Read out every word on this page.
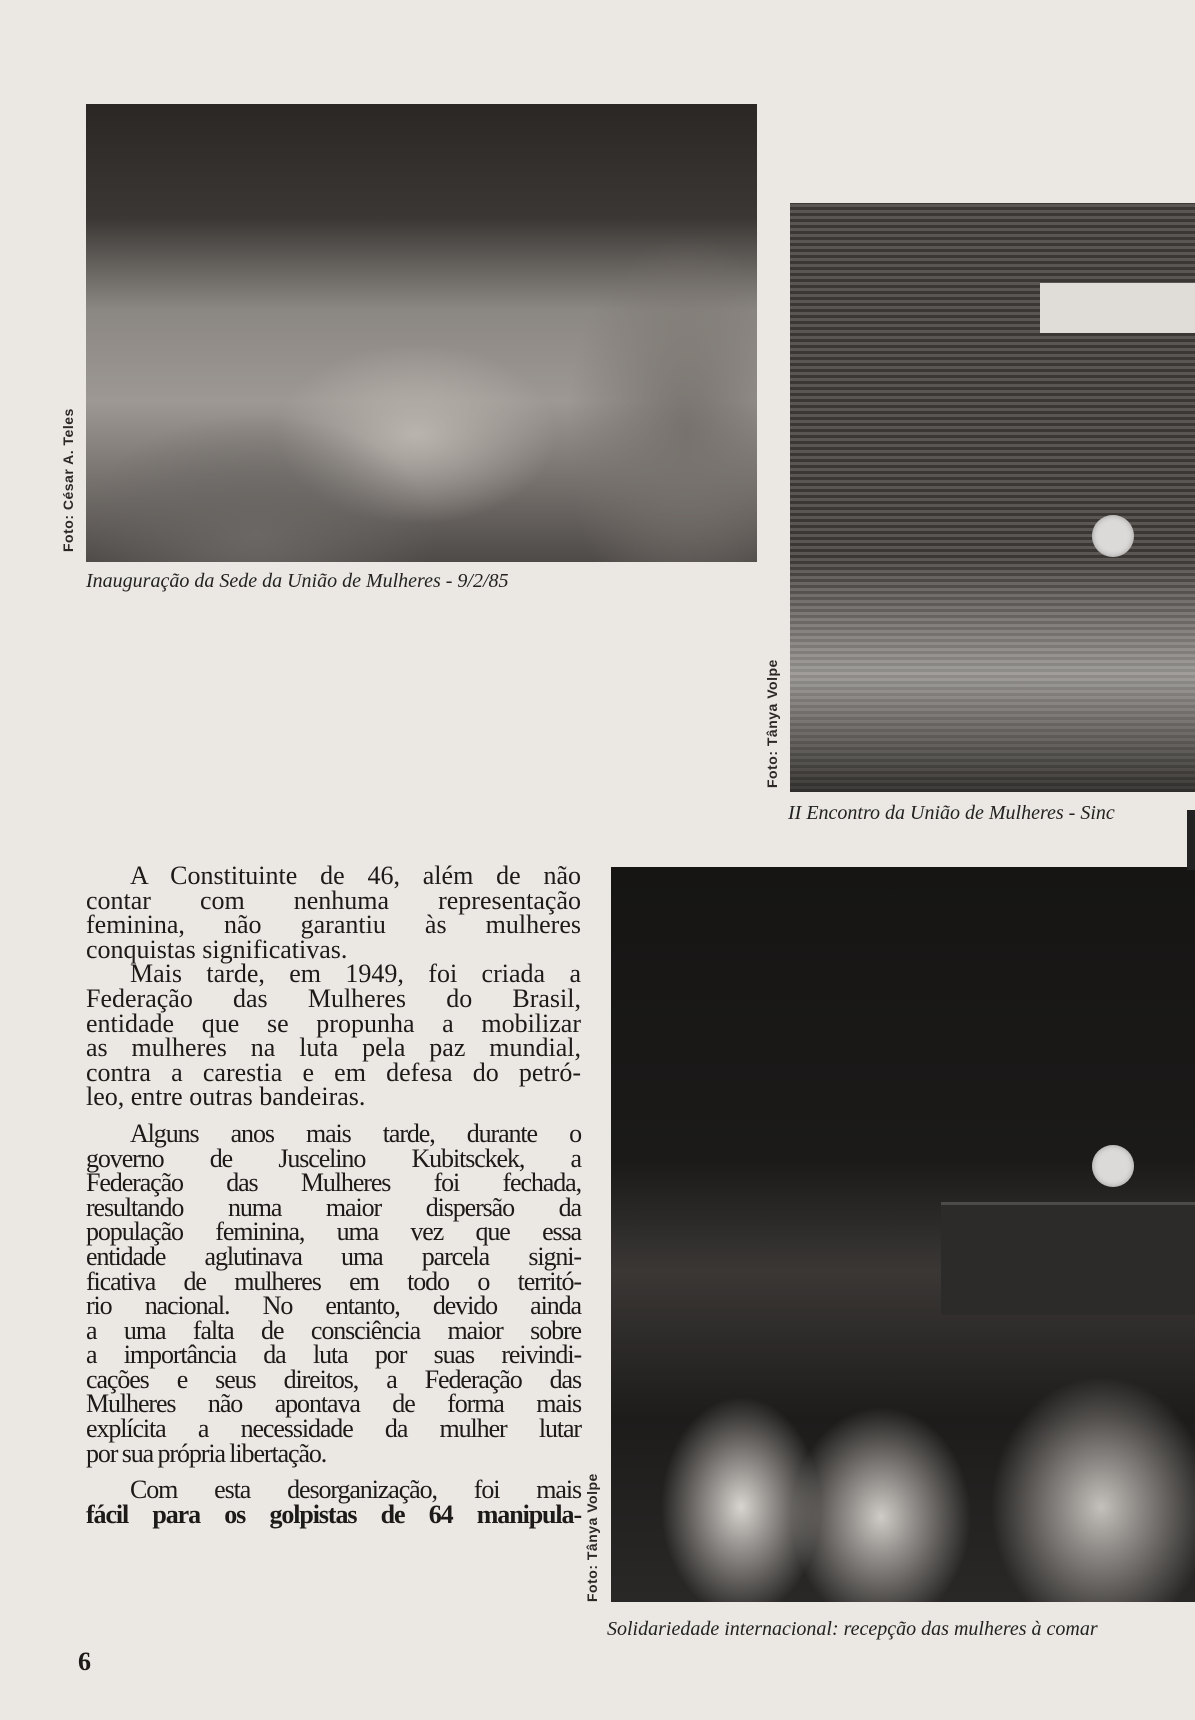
Foto: César A. Teles
Inauguração da Sede da União de Mulheres - 9/2/85
Foto: Tânya Volpe
II Encontro da União de Mulheres - Sinc
Foto: Tânya Volpe
Solidariedade internacional: recepção das mulheres à comar
A Constituinte de 46, além de não
contar com nenhuma representação
feminina, não garantiu às mulheres
conquistas significativas.
Mais tarde, em 1949, foi criada a
Federação das Mulheres do Brasil,
entidade que se propunha a mobilizar
as mulheres na luta pela paz mundial,
contra a carestia e em defesa do petró-
leo, entre outras bandeiras.
Alguns anos mais tarde, durante o
governo de Juscelino Kubitsckek, a
Federação das Mulheres foi fechada,
resultando numa maior dispersão da
população feminina, uma vez que essa
entidade aglutinava uma parcela signi-
ficativa de mulheres em todo o territó-
rio nacional. No entanto, devido ainda
a uma falta de consciência maior sobre
a importância da luta por suas reivindi-
cações e seus direitos, a Federação das
Mulheres não apontava de forma mais
explícita a necessidade da mulher lutar
por sua própria libertação.
Com esta desorganização, foi mais
fácil para os golpistas de 64 manipula-
6
